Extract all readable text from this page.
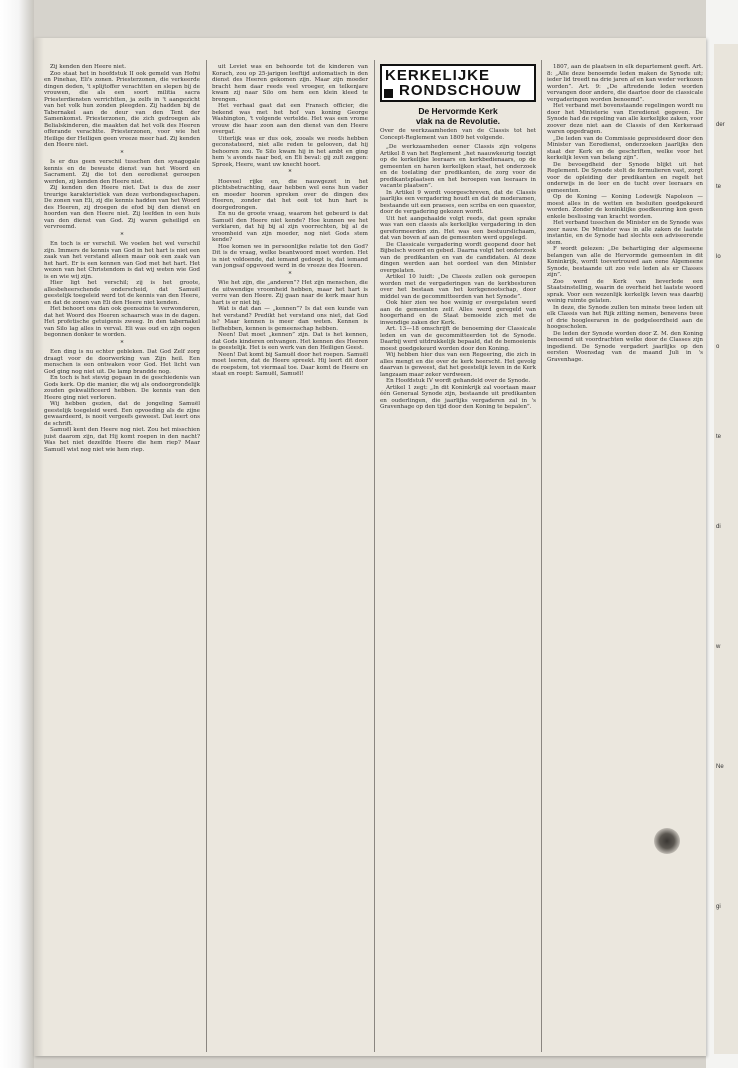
der
te
lo
o
te
di
w
Ne
gi

Zij kenden den Heere niet.

Zoo staat het in hoofdstuk II ook gemeld van Hofni en Pinehas, Eli's zonen. Priesterzonen, die verkeerde dingen deden, 't splijtoffer verachtten en slepen bij de vrouwen, die als een soort militia sacra Priesterdiensten verrichtten, ja zelfs in 't aangezicht van het volk hun zonden pleegden. Zij hadden bij de Tabernakel aan de deur van den Tent der Samenkomst. Priesterzonen, die zich gedroegen als Belialskinderen, die maakten dat het volk des Heeren offerande verachtte. Priesterzonen, voor wie het Heilige der Heiligen geen vreeze meer had. Zij kenden den Heere niet.

*

Is er dus geen verschil tusschen den synagogale kennis en de bewuste dienst van het Woord en Sacrament. Zij die tot den eeredienst geroepen werden, zij kenden den Heere niet.

Zij kenden den Heere niet. Dat is dus de zeer treurige karakteristiek van deze verbondsgeschapen. De zonen van Eli, zij die kennis hadden van het Woord des Heeren, zij droegen de efod bij den dienst en hoorden van den Heere niet. Zij leefden in een huis van den dienst van God. Zij waren geheiligd en vervreemd.

*

En toch is er verschil. We voelen het wel verschil zijn. Immers de kennis van God in het hart is niet een zaak van het verstand alleen maar ook een zaak van het hart. Er is een kennen van God met het hart. Het wezen van het Christendom is dat wij weten wie God is en wie wij zijn.

Hier ligt het verschil; zij is het groote, allesbeheerschende onderscheid, dat Samuël geestelijk toegeleid werd tot de kennis van den Heere, en dat de zonen van Eli den Heere niet kenden.

Het behoort ons dan ook geenszins te verwonderen, dat het Woord des Heeren schaarsch was in de dagen. Het profetische getuigenis zweeg. In den tabernakel van Silo lag alles in verval. Eli was oud en zijn oogen begonnen donker te worden.

*

Een ding is nu echter gebleken. Dat God Zelf zorg draagt voor de doorwerking van Zijn heil. Een menschen is een ontwaken voor God. Het licht van God ging nog niet uit. De lamp brandde nog.

En toch is het stevig gegaan in de geschiedenis van Gods kerk. Op die manier, die wij als ondoorgrondelijk zouden gekwalificeerd hebben. De kennis van den Heere ging niet verloren.

Wij hebben gezien, dat de jongeling Samuël geestelijk toegeleid werd. Een opvoeding als de zijne gewaardeerd, is nooit vergeefs geweest. Dat leert ons de schrift.

Samuël kent den Heere nog niet. Zou het misschien juist daarom zijn, dat Hij komt roepen in den nacht? Was het niet dezelfde Heere die hem riep? Maar Samuël wist nog niet wie hem riep.

uit Leviet was en behoorde tot de kinderen van Korach, zou op 25-jarigen leeftijd automatisch in den dienst des Heeren gekomen zijn. Maar zijn moeder bracht hem daar reeds veel vroeger, en telkenjare kwam zij naar Silo om hem een klein kleed te brengen.

Het verhaal gaat dat een Fransch officier, die bekend was met het hof van koning George Washington, 't volgende vertelde. Het was een vrome vrouw die haar zoon aan den dienst van den Heere overgaf.

Uiterlijk was er dus ook, zooals we reeds hebben geconstateerd, niet alle reden te gelooven, dat hij behooren zou. Te Silo kwam hij in het ambt en ging hem 's avonds naar bed, en Eli beval: gij zult zeggen: Spreek, Heere, want uw knecht hoort.

*

Hoeveel rijke en, die nauwgezet in het plichtsbetrachting, daar hebben wel eens hun vader en moeder hooren spreken over de dingen des Heeren, zonder dat het ooit tot hun hart is doorgedrongen.

En nu de groote vraag, waarom het gebeurd is dat Samuël den Heere niet kende? Hoe kunnen we het verklaren, dat hij bij al zijn voorrechten, bij al de vroomheid van zijn moeder, nog niet Gods stem kende?

Hoe komen we in persoonlijke relatie tot den God? Dit is de vraag, welke beantwoord moet worden. Het is niet voldoende, dat iemand gedoopt is, dat iemand van jongsaf opgevoed werd in de vreeze des Heeren.

*

Wie het zijn, die „anderen”? Het zijn menschen, die de uitwendige vroomheid hebben, maar het hart is verre van den Heere. Zij gaan naar de kerk maar hun hart is er niet bij.

Wat is dat dan — „kennen”? Is dat een kunde van het verstand? Predikt het verstand ons niet, dat God is? Maar kennen is meer dan weten. Kennen is liefhebben, kennen is gemeenschap hebben.

Neen! Dat moet „kennen” zijn. Dat is het kennen, dat Gods kinderen ontvangen. Het kennen des Heeren is geestelijk. Het is een werk van den Heiligen Geest.

Neen! Dat komt bij Samuël door het roepen. Samuël moet leeren, dat de Heere spreekt. Hij leert dit door de roepstem, tot viermaal toe. Daar komt de Heere en staat en roept: Samuël, Samuël!

KERKELIJKE
RONDSCHOUW
De Hervormde Kerk
vlak na de Revolutie.
Over de werkzaamheden van de Classis tot het Concept-Reglement van 1809 het volgende.

„De werkzaamheden eener Classis zijn volgens Artikel 8 van het Reglement „het naauwkeurig toezigt op de kerkelijke leeraars en kerkbedienaars, op de gemeenten en haren kerkelijken staat, het onderzoek en de toelating der predikanten, de zorg voor de predikantsplaatsen en het beroepen van leeraars in vacante plaatsen”.

In Artikel 9 wordt voorgeschreven, dat de Classis jaarlijks een vergadering houdt en dat de moderamen, bestaande uit een praeses, een scriba en een quaestor, door de vergadering gekozen wordt.

Uit het aangehaalde volgt reeds, dat geen sprake was van een classis als kerkelijke vergadering in den gereformeerden zin. Het was een bestuurslichaam, dat van boven af aan de gemeenten werd opgelegd.

De Classicale vergadering wordt geopend door het Bijbelsch woord en gebed. Daarna volgt het onderzoek van de predikanten en van de candidaten. Al deze dingen werden aan het oordeel van den Minister overgelaten.

Artikel 10 luidt: „De Classis zullen ook geroepen worden met de vergaderingen van de kerkbesturen over het bestaan van het kerkgenootschap, door middel van de gecommitteerden van het Synode”.

Ook hier zien we hoe weinig er overgelaten werd aan de gemeenten zelf. Alles werd geregeld van hoogerhand en de Staat bemoeide zich met de inwendige zaken der Kerk.

Art. 13—18 omschrijft de benoeming der Classicale leden en van de gecommitteerden tot de Synode. Daarbij werd uitdrukkelijk bepaald, dat de bemoeienis moest goedgekeurd worden door den Koning.

Wij hebben hier dus van een Regeering, die zich in alles mengt en die over de kerk heerscht. Het gevolg daarvan is geweest, dat het geestelijk leven in de Kerk langzaam maar zeker verdween.

En Hoofdstuk IV wordt gehandeld over de Synode.

Artikel 1 zegt: „In dit Koninkrijk zal voortaan maar één Generaal Synode zijn, bestaande uit predikanten en ouderlingen, die jaarlijks vergaderen zal in 's Gravenhage op den tijd door den Koning te bepalen”.

1807, aan de plaatsen in elk departement geeft. Art. 8: „Alle deze benoemde leden maken de Synode uit; ieder lid treedt na drie jaren af en kan weder verkozen worden”. Art. 9: „De aftredende leden worden vervangen door andere, die daartoe door de classicale vergaderingen worden benoemd”.

Het verband met bovenstaande regelingen wordt nu door het Ministerie van Eeredienst gegeven. De Synode had de regeling van alle kerkelijke zaken, voor zoover deze niet aan de Classis of den Kerkeraad waren opgedragen.

„De leden van de Commissie gepresideerd door den Minister van Eeredienst, onderzoeken jaarlijks den staat der Kerk en de geschriften, welke voor het kerkelijk leven van belang zijn”.

De bevoegdheid der Synode blijkt uit het Reglement. De Synode stelt de formulieren vast, zorgt voor de opleiding der predikanten en regelt het onderwijs in de leer en de tucht over leeraars en gemeenten.

Op de Koning — Koning Lodewijk Napoleon — moest alles in de wetten en besluiten goedgekeurd worden. Zonder de koninklijke goedkeuring kon geen enkele beslissing van kracht worden.

Het verband tusschen de Minister en de Synode was zeer nauw. De Minister was in alle zaken de laatste instantie, en de Synode had slechts een adviseerende stem.

F wordt gelezen: „De behartiging der algemeene belangen van alle de Hervormde gemeenten in dit Koninkrijk, wordt toevertrouwd aan eene Algemeene Synode, bestaande uit zoo vele leden als er Classes zijn”.

Zoo werd de Kerk van lieverlede een Staatsinstelling, waarin de overheid het laatste woord sprak. Voor een wezenlijk kerkelijk leven was daarbij weinig ruimte gelaten.

In deze, die Synode zullen ten minste twee leden uit elk Classis van het Rijk zitting nemen, benevens twee of drie hoogleeraren in de godgeleerdheid aan de hoogescholen.

De leden der Synode worden door Z. M. den Koning benoemd uit voordrachten welke door de Classes zijn ingediend. De Synode vergadert jaarlijks op den eersten Woensdag van de maand Juli in 's Gravenhage.
